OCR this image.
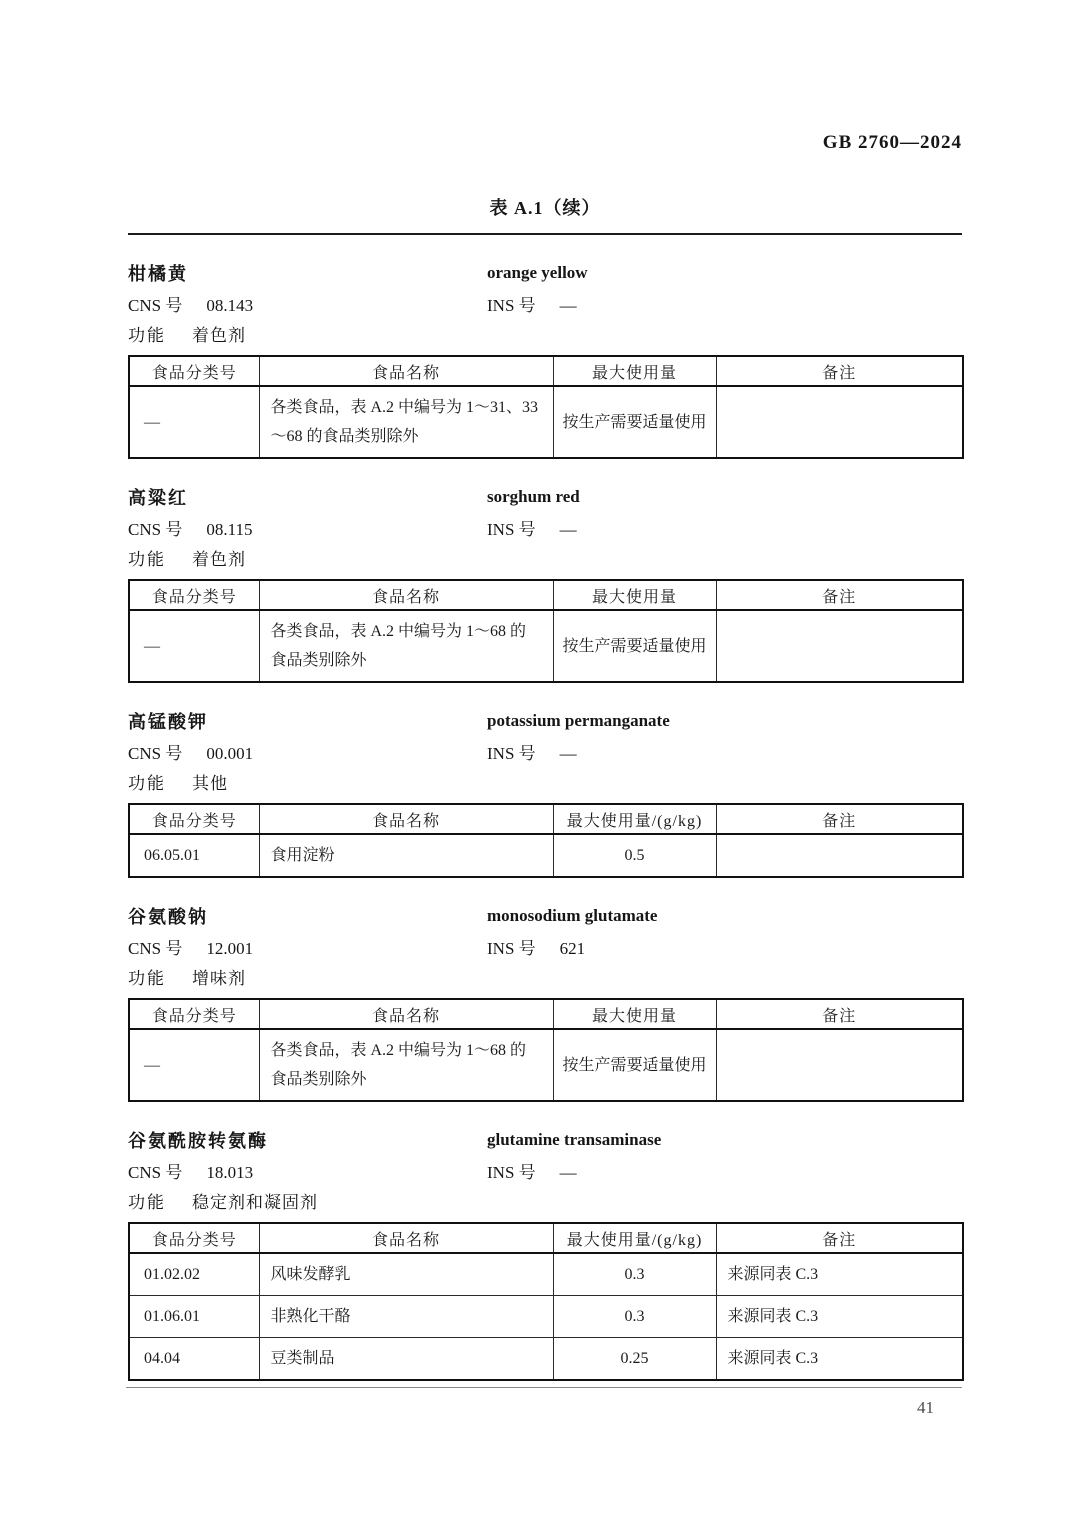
GB 2760—2024
表 A.1（续）
柑橘黄	orange yellow
CNS 号 08.143	INS 号 —
功能 着色剂
食品分类号	食品名称	最大使用量	备注
—	各类食品，表 A.2 中编号为 1～31、33～68 的食品类别除外	按生产需要适量使用	
高粱红	sorghum red
CNS 号 08.115	INS 号 —
功能 着色剂
食品分类号	食品名称	最大使用量	备注
—	各类食品，表 A.2 中编号为 1～68 的食品类别除外	按生产需要适量使用	
高锰酸钾	potassium permanganate
CNS 号 00.001	INS 号 —
功能 其他
食品分类号	食品名称	最大使用量/(g/kg)	备注
06.05.01	食用淀粉	0.5	
谷氨酸钠	monosodium glutamate
CNS 号 12.001	INS 号 621
功能 增味剂
食品分类号	食品名称	最大使用量	备注
—	各类食品，表 A.2 中编号为 1～68 的食品类别除外	按生产需要适量使用	
谷氨酰胺转氨酶	glutamine transaminase
CNS 号 18.013	INS 号 —
功能 稳定剂和凝固剂
食品分类号	食品名称	最大使用量/(g/kg)	备注
01.02.02	风味发酵乳	0.3	来源同表 C.3
01.06.01	非熟化干酪	0.3	来源同表 C.3
04.04	豆类制品	0.25	来源同表 C.3
41
